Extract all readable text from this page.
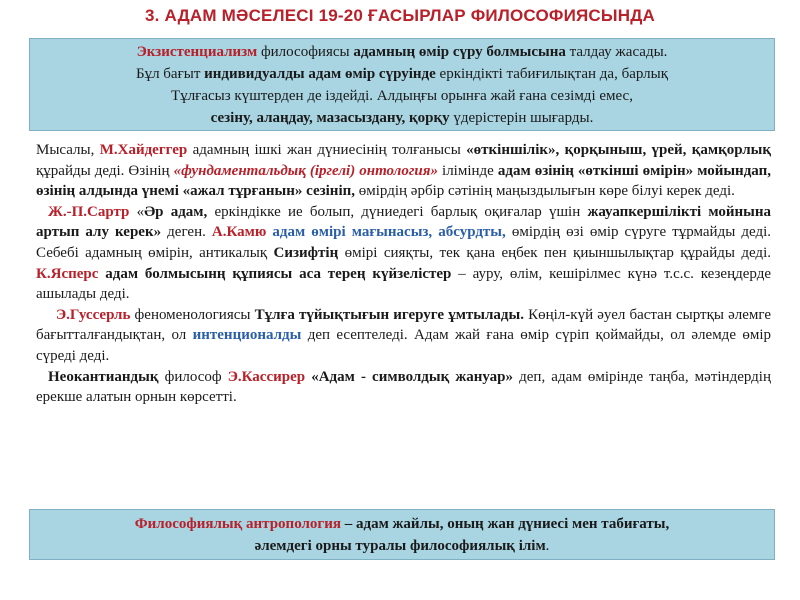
3. АДАМ МӘСЕЛЕСІ 19-20 ҒАСЫРЛАР ФИЛОСОФИЯСЫНДА
Экзистенциализм философиясы адамның өмір сүру болмысына талдау жасады.
Бұл бағыт индивидуалды адам өмір сүруінде еркіндікті табиғилықтан да, барлық
Тұлғасыз күштерден де іздейді. Алдыңғы орынға жай ғана сезімді емес,
сезіну, алаңдау, мазасыздану, қорқу үдерістерін шығарды.

Мысалы, М.Хайдеггер адамның ішкі жан дүниесінің толғанысы «өткіншілік», қорқыныш, үрей, қамқорлық құрайды деді. Өзінің «фундаментальдық (іргелі) онтология» ілімінде адам өзінің «өткінші өмірін» мойындап, өзінің алдында үнемі «ажал тұрғанын» сезініп, өмірдің әрбір сәтінің маңыздылығын көре білуі керек деді.

Ж.-П.Сартр «Әр адам, еркіндікке ие болып, дүниедегі барлық оқиғалар үшін жауапкершілікті мойнына артып алу керек» деген. А.Камю адам өмірі мағынасыз, абсурдты, өмірдің өзі өмір сүруге тұрмайды деді. Себебі адамның өмірін, антикалық Сизифтің өмірі сияқты, тек қана еңбек пен қиыншылықтар құрайды деді. К.Ясперс адам болмысынң құпиясы аса терең күйзелістер – ауру, өлім, кешірілмес күнә т.с.с. кезеңдерде ашылады деді.

Э.Гуссерль феноменологиясы Тұлға түйықтығын игеруге ұмтылады. Көңіл-күй әуел бастан сыртқы әлемге бағытталғандықтан, ол интенционалды деп есептеледі. Адам жай ғана өмір сүріп қоймайды, ол әлемде өмір сүреді деді.

Неокантиандық философ Э.Кассирер «Адам - символдық жануар» деп, адам өмірінде таңба, мәтіндердің ерекше алатын орнын көрсетті.

Философиялық антропология – адам жайлы, оның жан дүниесі мен табиғаты,
әлемдегі орны туралы философиялық ілім.
